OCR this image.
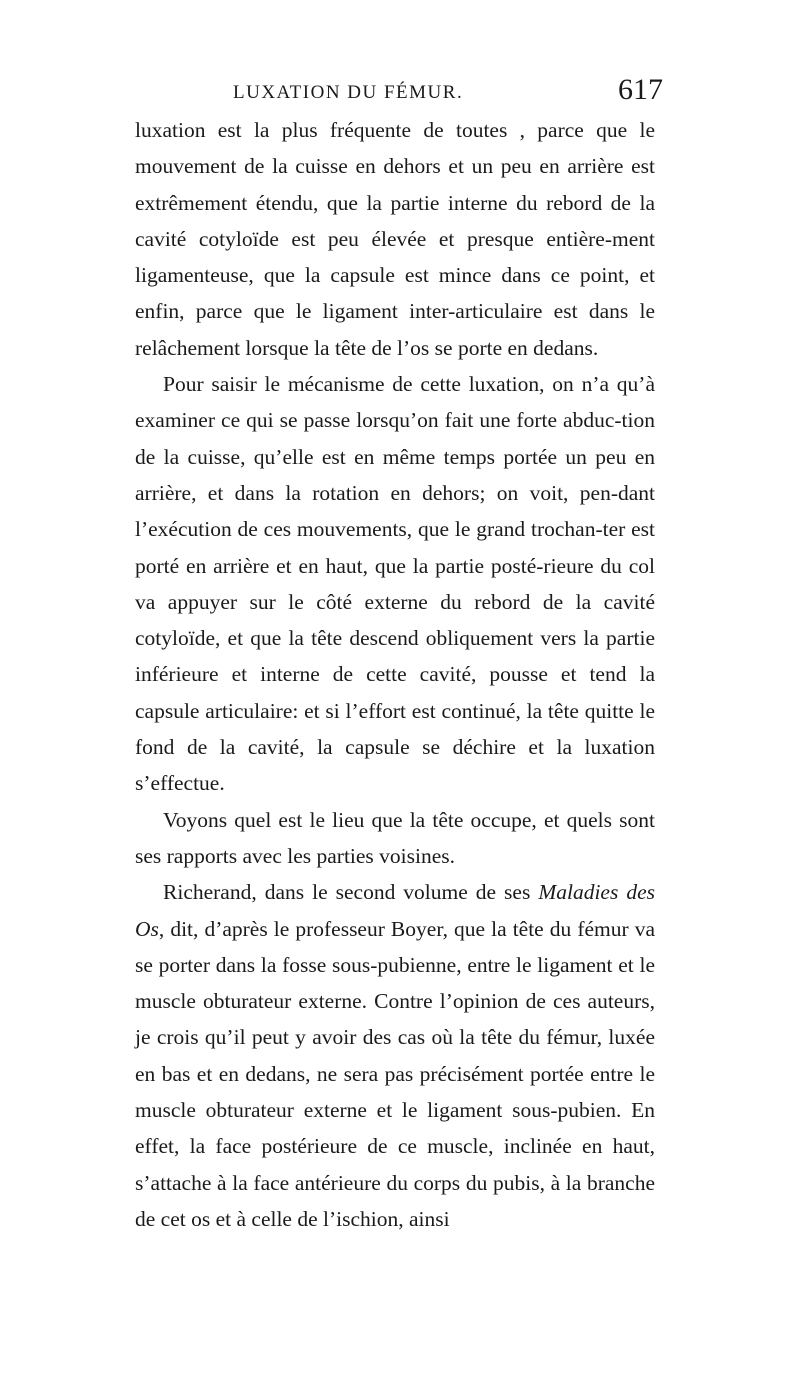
LUXATION DU FÉMUR.	617

luxation est la plus fréquente de toutes , parce que le mouvement de la cuisse en dehors et un peu en arrière est extrêmement étendu, que la partie interne du rebord de la cavité cotyloïde est peu élevée et presque entière-ment ligamenteuse, que la capsule est mince dans ce point, et enfin, parce que le ligament inter-articulaire est dans le relâchement lorsque la tête de l’os se porte en dedans.

Pour saisir le mécanisme de cette luxation, on n’a qu’à examiner ce qui se passe lorsqu’on fait une forte abduc-tion de la cuisse, qu’elle est en même temps portée un peu en arrière, et dans la rotation en dehors; on voit, pen-dant l’exécution de ces mouvements, que le grand trochan-ter est porté en arrière et en haut, que la partie posté-rieure du col va appuyer sur le côté externe du rebord de la cavité cotyloïde, et que la tête descend obliquement vers la partie inférieure et interne de cette cavité, pousse et tend la capsule articulaire: et si l’effort est continué, la tête quitte le fond de la cavité, la capsule se déchire et la luxation s’effectue.

Voyons quel est le lieu que la tête occupe, et quels sont ses rapports avec les parties voisines.

Richerand, dans le second volume de ses Maladies des Os, dit, d’après le professeur Boyer, que la tête du fémur va se porter dans la fosse sous-pubienne, entre le ligament et le muscle obturateur externe. Contre l’opinion de ces auteurs, je crois qu’il peut y avoir des cas où la tête du fémur, luxée en bas et en dedans, ne sera pas précisément portée entre le muscle obturateur externe et le ligament sous-pubien. En effet, la face postérieure de ce muscle, inclinée en haut, s’attache à la face antérieure du corps du pubis, à la branche de cet os et à celle de l’ischion, ainsi
